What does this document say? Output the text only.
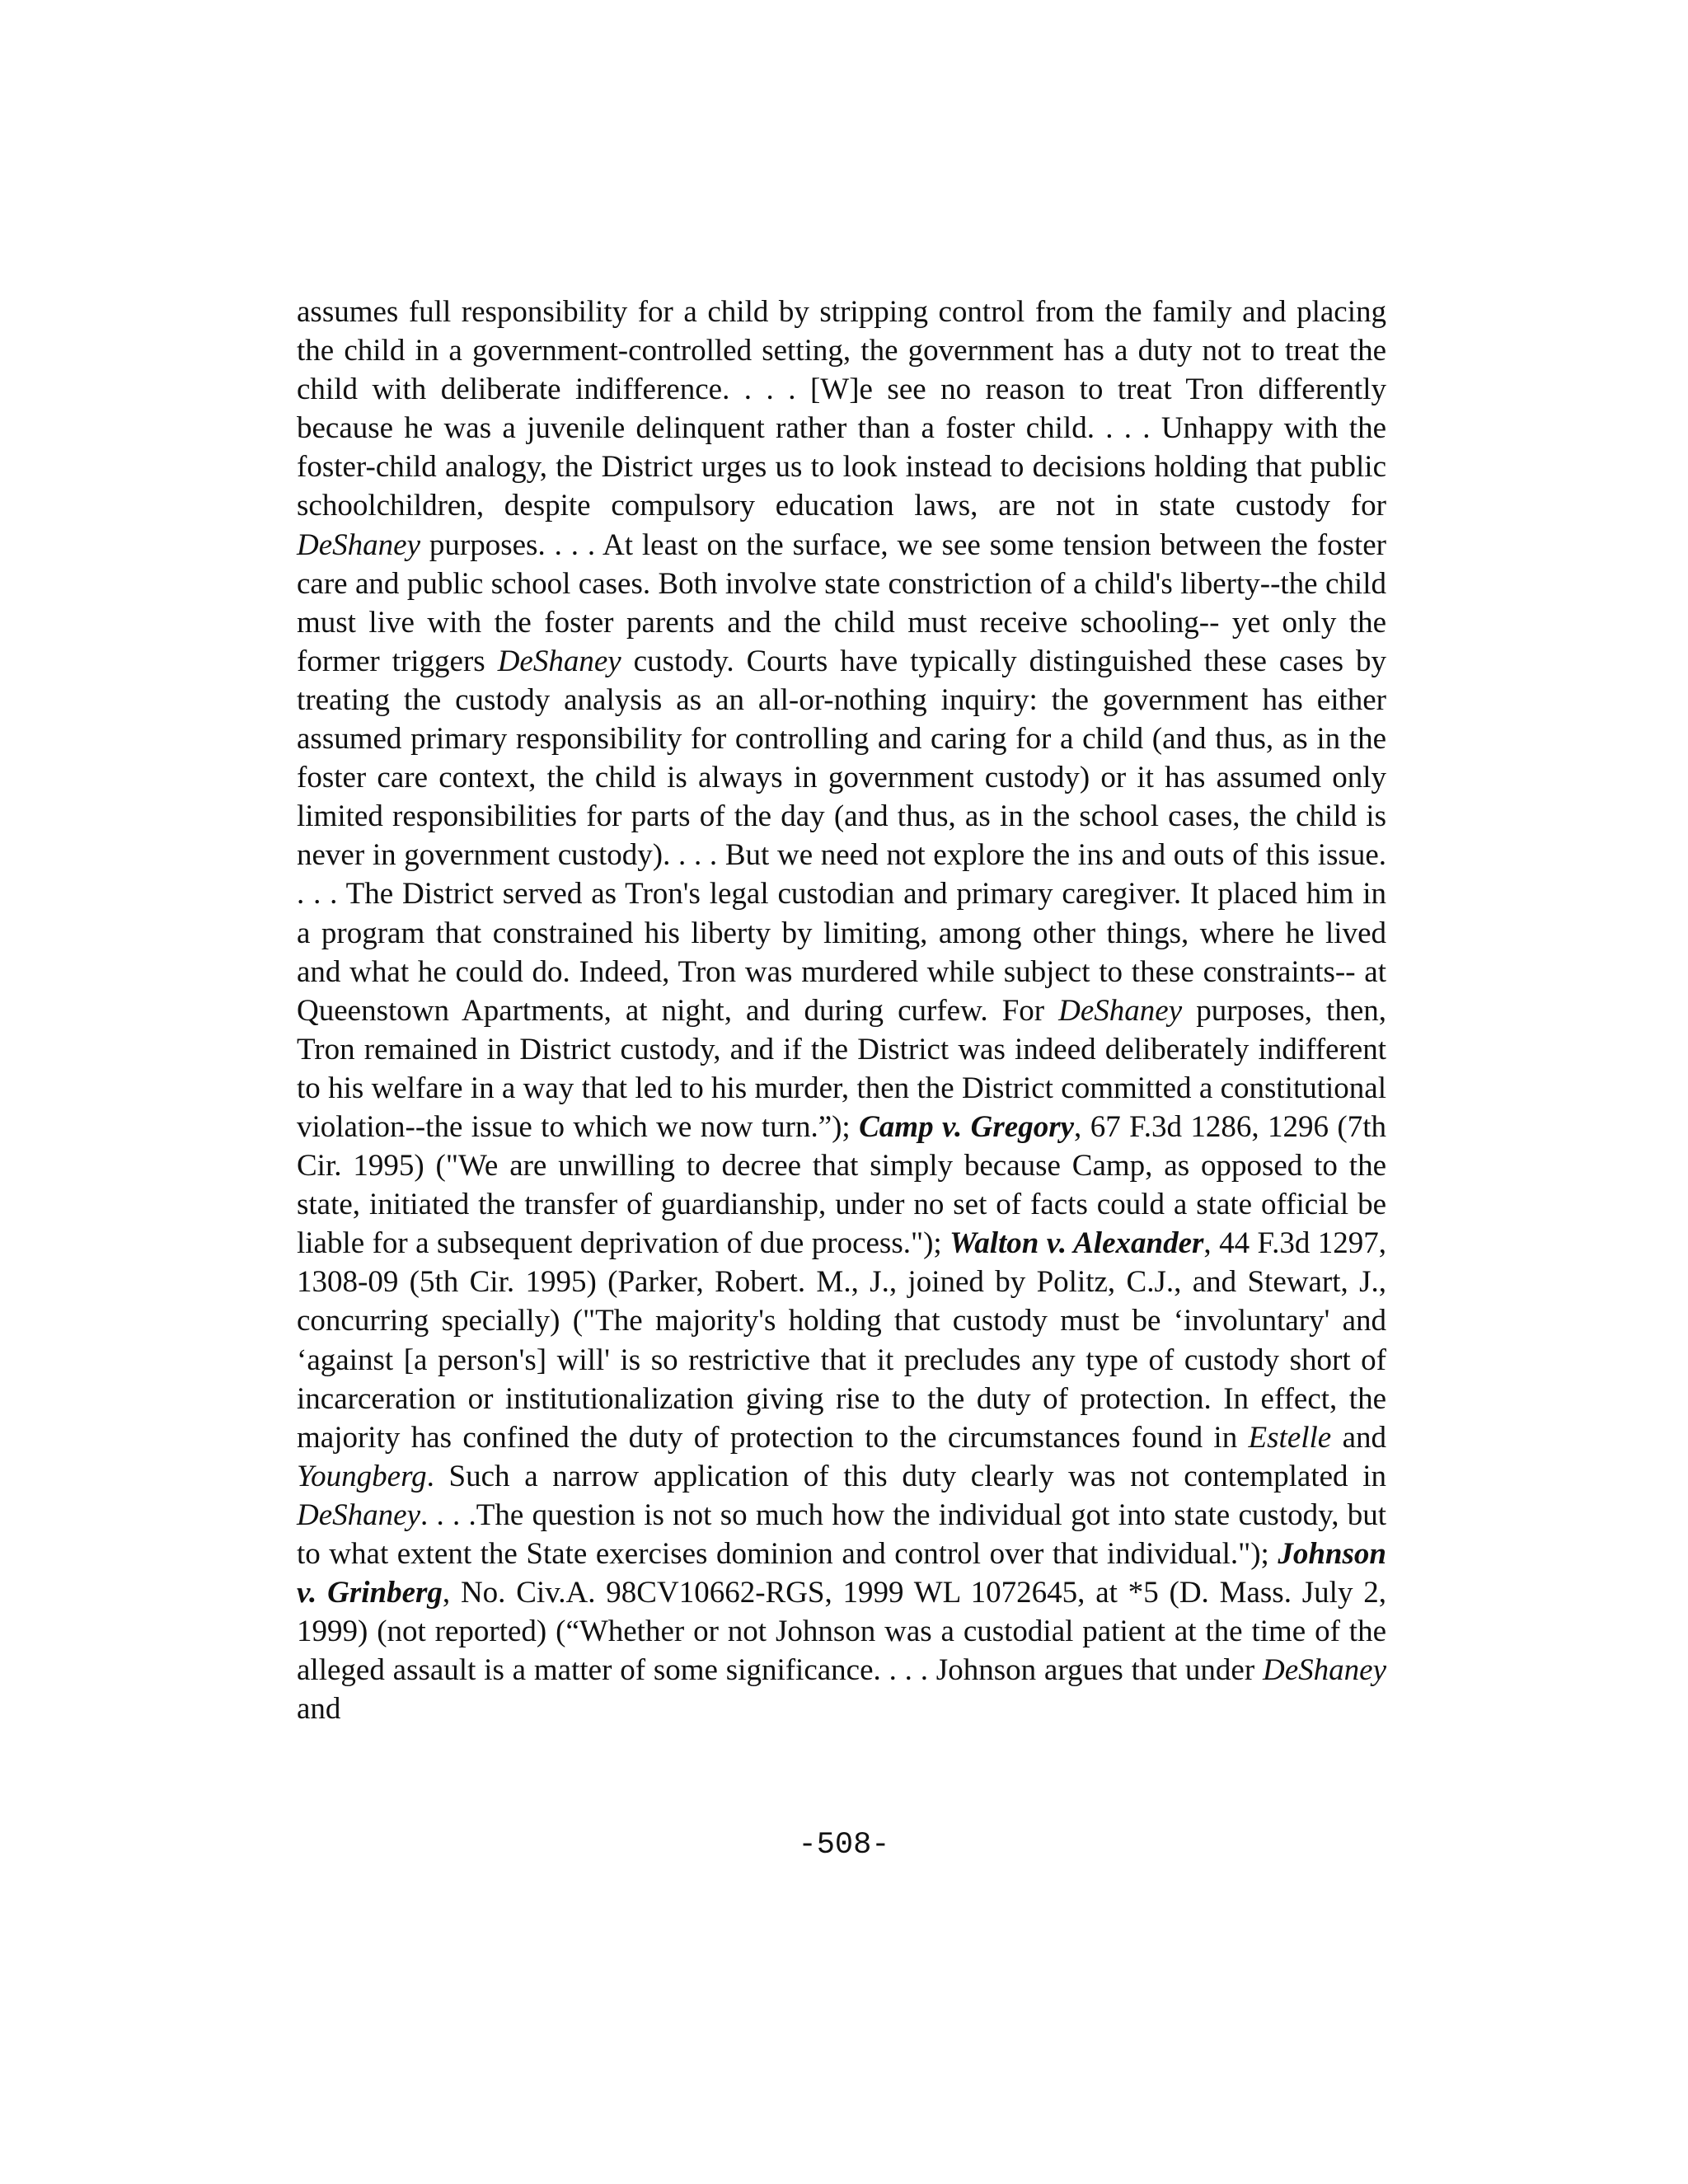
assumes full responsibility for a child by stripping control from the family and placing the child in a government-controlled setting, the government has a duty not to treat the child with deliberate indifference. . . . [W]e see no reason to treat Tron differently because he was a juvenile delinquent rather than a foster child. . . . Unhappy with the foster-child analogy, the District urges us to look instead to decisions holding that public schoolchildren, despite compulsory education laws, are not in state custody for DeShaney purposes. . . . At least on the surface, we see some tension between the foster care and public school cases. Both involve state constriction of a child's liberty--the child must live with the foster parents and the child must receive schooling-- yet only the former triggers DeShaney custody. Courts have typically distinguished these cases by treating the custody analysis as an all-or-nothing inquiry: the government has either assumed primary responsibility for controlling and caring for a child (and thus, as in the foster care context, the child is always in government custody) or it has assumed only limited responsibilities for parts of the day (and thus, as in the school cases, the child is never in government custody). . . . But we need not explore the ins and outs of this issue. . . . The District served as Tron's legal custodian and primary caregiver. It placed him in a program that constrained his liberty by limiting, among other things, where he lived and what he could do. Indeed, Tron was murdered while subject to these constraints-- at Queenstown Apartments, at night, and during curfew. For DeShaney purposes, then, Tron remained in District custody, and if the District was indeed deliberately indifferent to his welfare in a way that led to his murder, then the District committed a constitutional violation--the issue to which we now turn.”); Camp v. Gregory, 67 F.3d 1286, 1296 (7th Cir. 1995) ("We are unwilling to decree that simply because Camp, as opposed to the state, initiated the transfer of guardianship, under no set of facts could a state official be liable for a subsequent deprivation of due process."); Walton v. Alexander, 44 F.3d 1297, 1308-09 (5th Cir. 1995) (Parker, Robert. M., J., joined by Politz, C.J., and Stewart, J., concurring specially) ("The majority's holding that custody must be ‘involuntary' and ‘against [a person's] will' is so restrictive that it precludes any type of custody short of incarceration or institutionalization giving rise to the duty of protection. In effect, the majority has confined the duty of protection to the circumstances found in Estelle and Youngberg. Such a narrow application of this duty clearly was not contemplated in DeShaney. . . .The question is not so much how the individual got into state custody, but to what extent the State exercises dominion and control over that individual."); Johnson v. Grinberg, No. Civ.A. 98CV10662-RGS, 1999 WL 1072645, at *5 (D. Mass. July 2, 1999) (not reported) (“Whether or not Johnson was a custodial patient at the time of the alleged assault is a matter of some significance. . . . Johnson argues that under DeShaney and

-508-
